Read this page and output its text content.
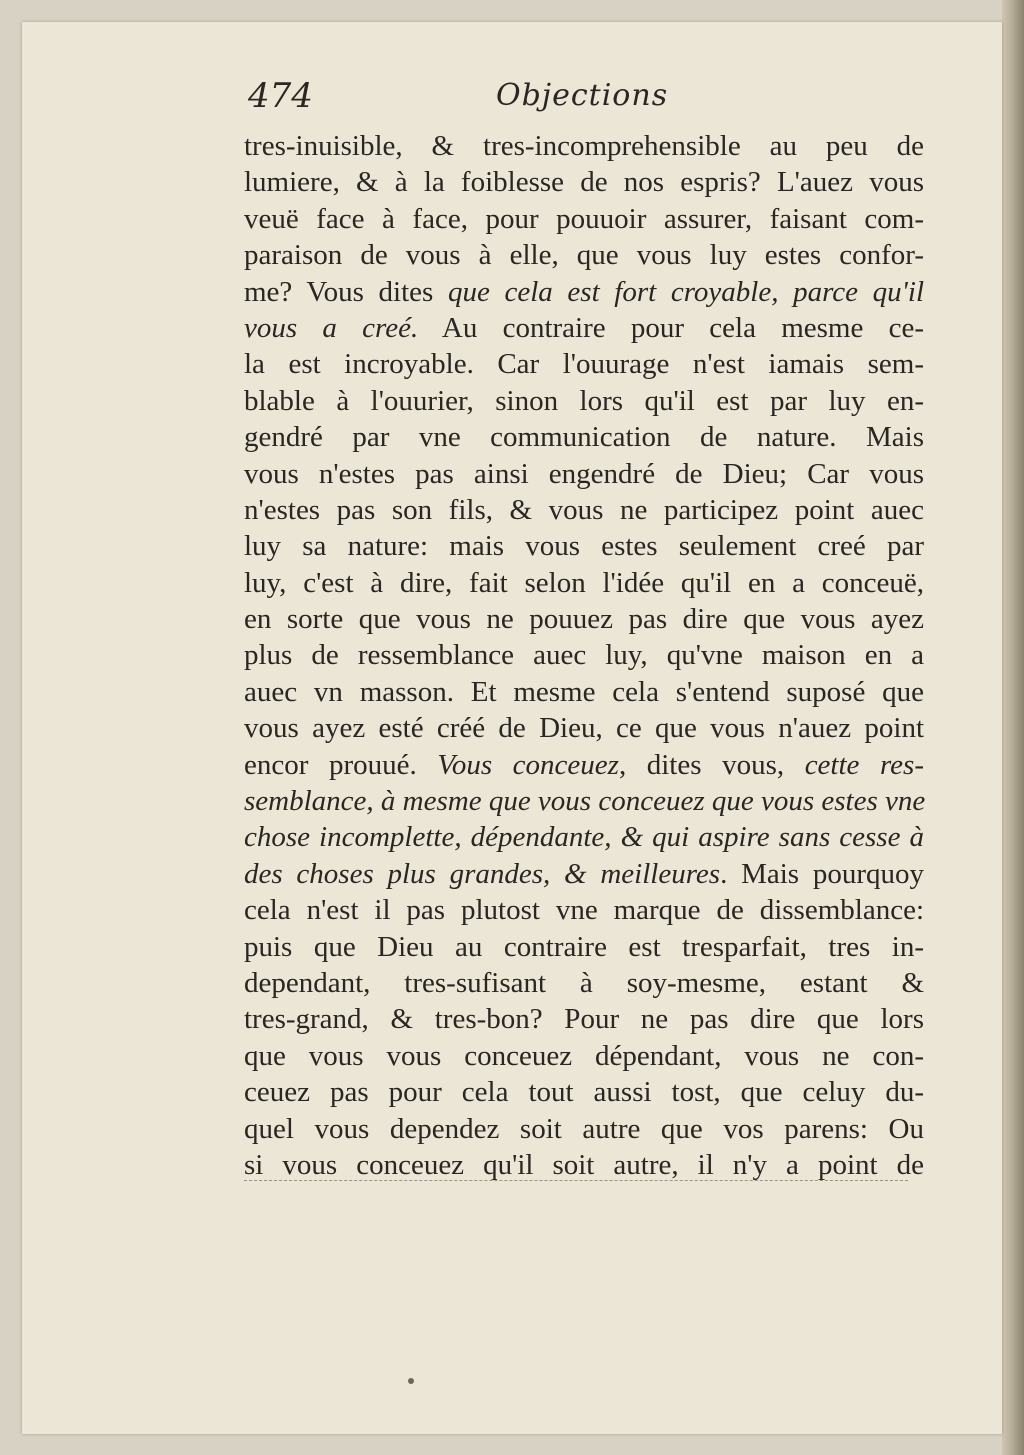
474	Objections
tres-inuisible, & tres-incomprehensible au peu de
lumiere, & à la foiblesse de nos espris? L'auez vous
veuë face à face, pour pouuoir assurer, faisant com-
paraison de vous à elle, que vous luy estes confor-
me? Vous dites que cela est fort croyable, parce qu'il
vous a creé. Au contraire pour cela mesme ce-
la est incroyable. Car l'ouurage n'est iamais sem-
blable à l'ouurier, sinon lors qu'il est par luy en-
gendré par vne communication de nature. Mais
vous n'estes pas ainsi engendré de Dieu; Car vous
n'estes pas son fils, & vous ne participez point auec
luy sa nature: mais vous estes seulement creé par
luy, c'est à dire, fait selon l'idée qu'il en a conceuë,
en sorte que vous ne pouuez pas dire que vous ayez
plus de ressemblance auec luy, qu'vne maison en a
auec vn masson. Et mesme cela s'entend suposé que
vous ayez esté créé de Dieu, ce que vous n'auez point
encor prouué. Vous conceuez, dites vous, cette res-
semblance, à mesme que vous conceuez que vous estes vne
chose incomplette, dépendante, & qui aspire sans cesse à
des choses plus grandes, & meilleures. Mais pourquoy
cela n'est il pas plutost vne marque de dissemblance:
puis que Dieu au contraire est tresparfait, tres in-
dependant, tres-sufisant à soy-mesme, estant &
tres-grand, & tres-bon? Pour ne pas dire que lors
que vous vous conceuez dépendant, vous ne con-
ceuez pas pour cela tout aussi tost, que celuy du-
quel vous dependez soit autre que vos parens: Ou
si vous conceuez qu'il soit autre, il n'y a point de
